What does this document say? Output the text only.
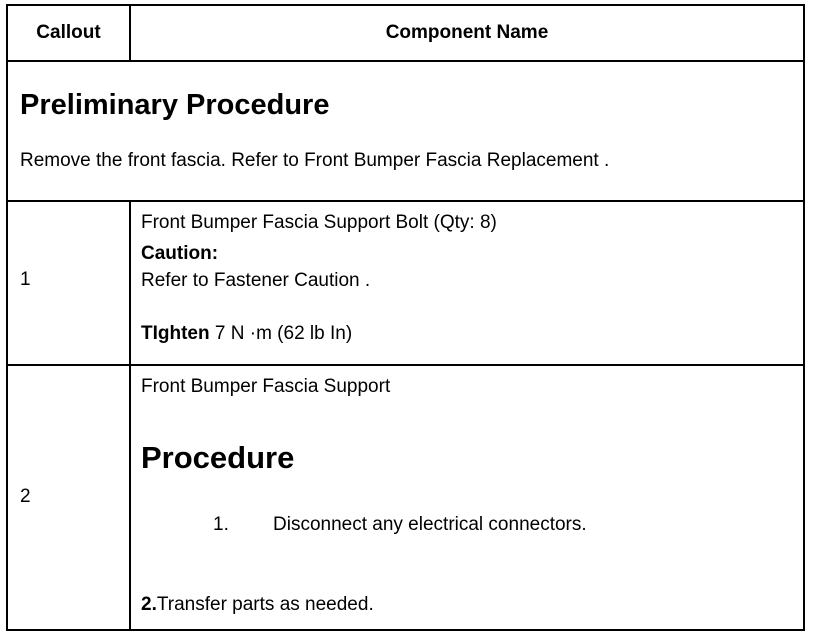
Callout	Component Name
Preliminary Procedure
Remove the front fascia. Refer to Front Bumper Fascia Replacement .
1
Front Bumper Fascia Support Bolt (Qty: 8)
Caution:
Refer to Fastener Caution .
TIghten 7 N ·m (62 lb In)
2
Front Bumper Fascia Support
Procedure
1. Disconnect any electrical connectors.
2.Transfer parts as needed.
